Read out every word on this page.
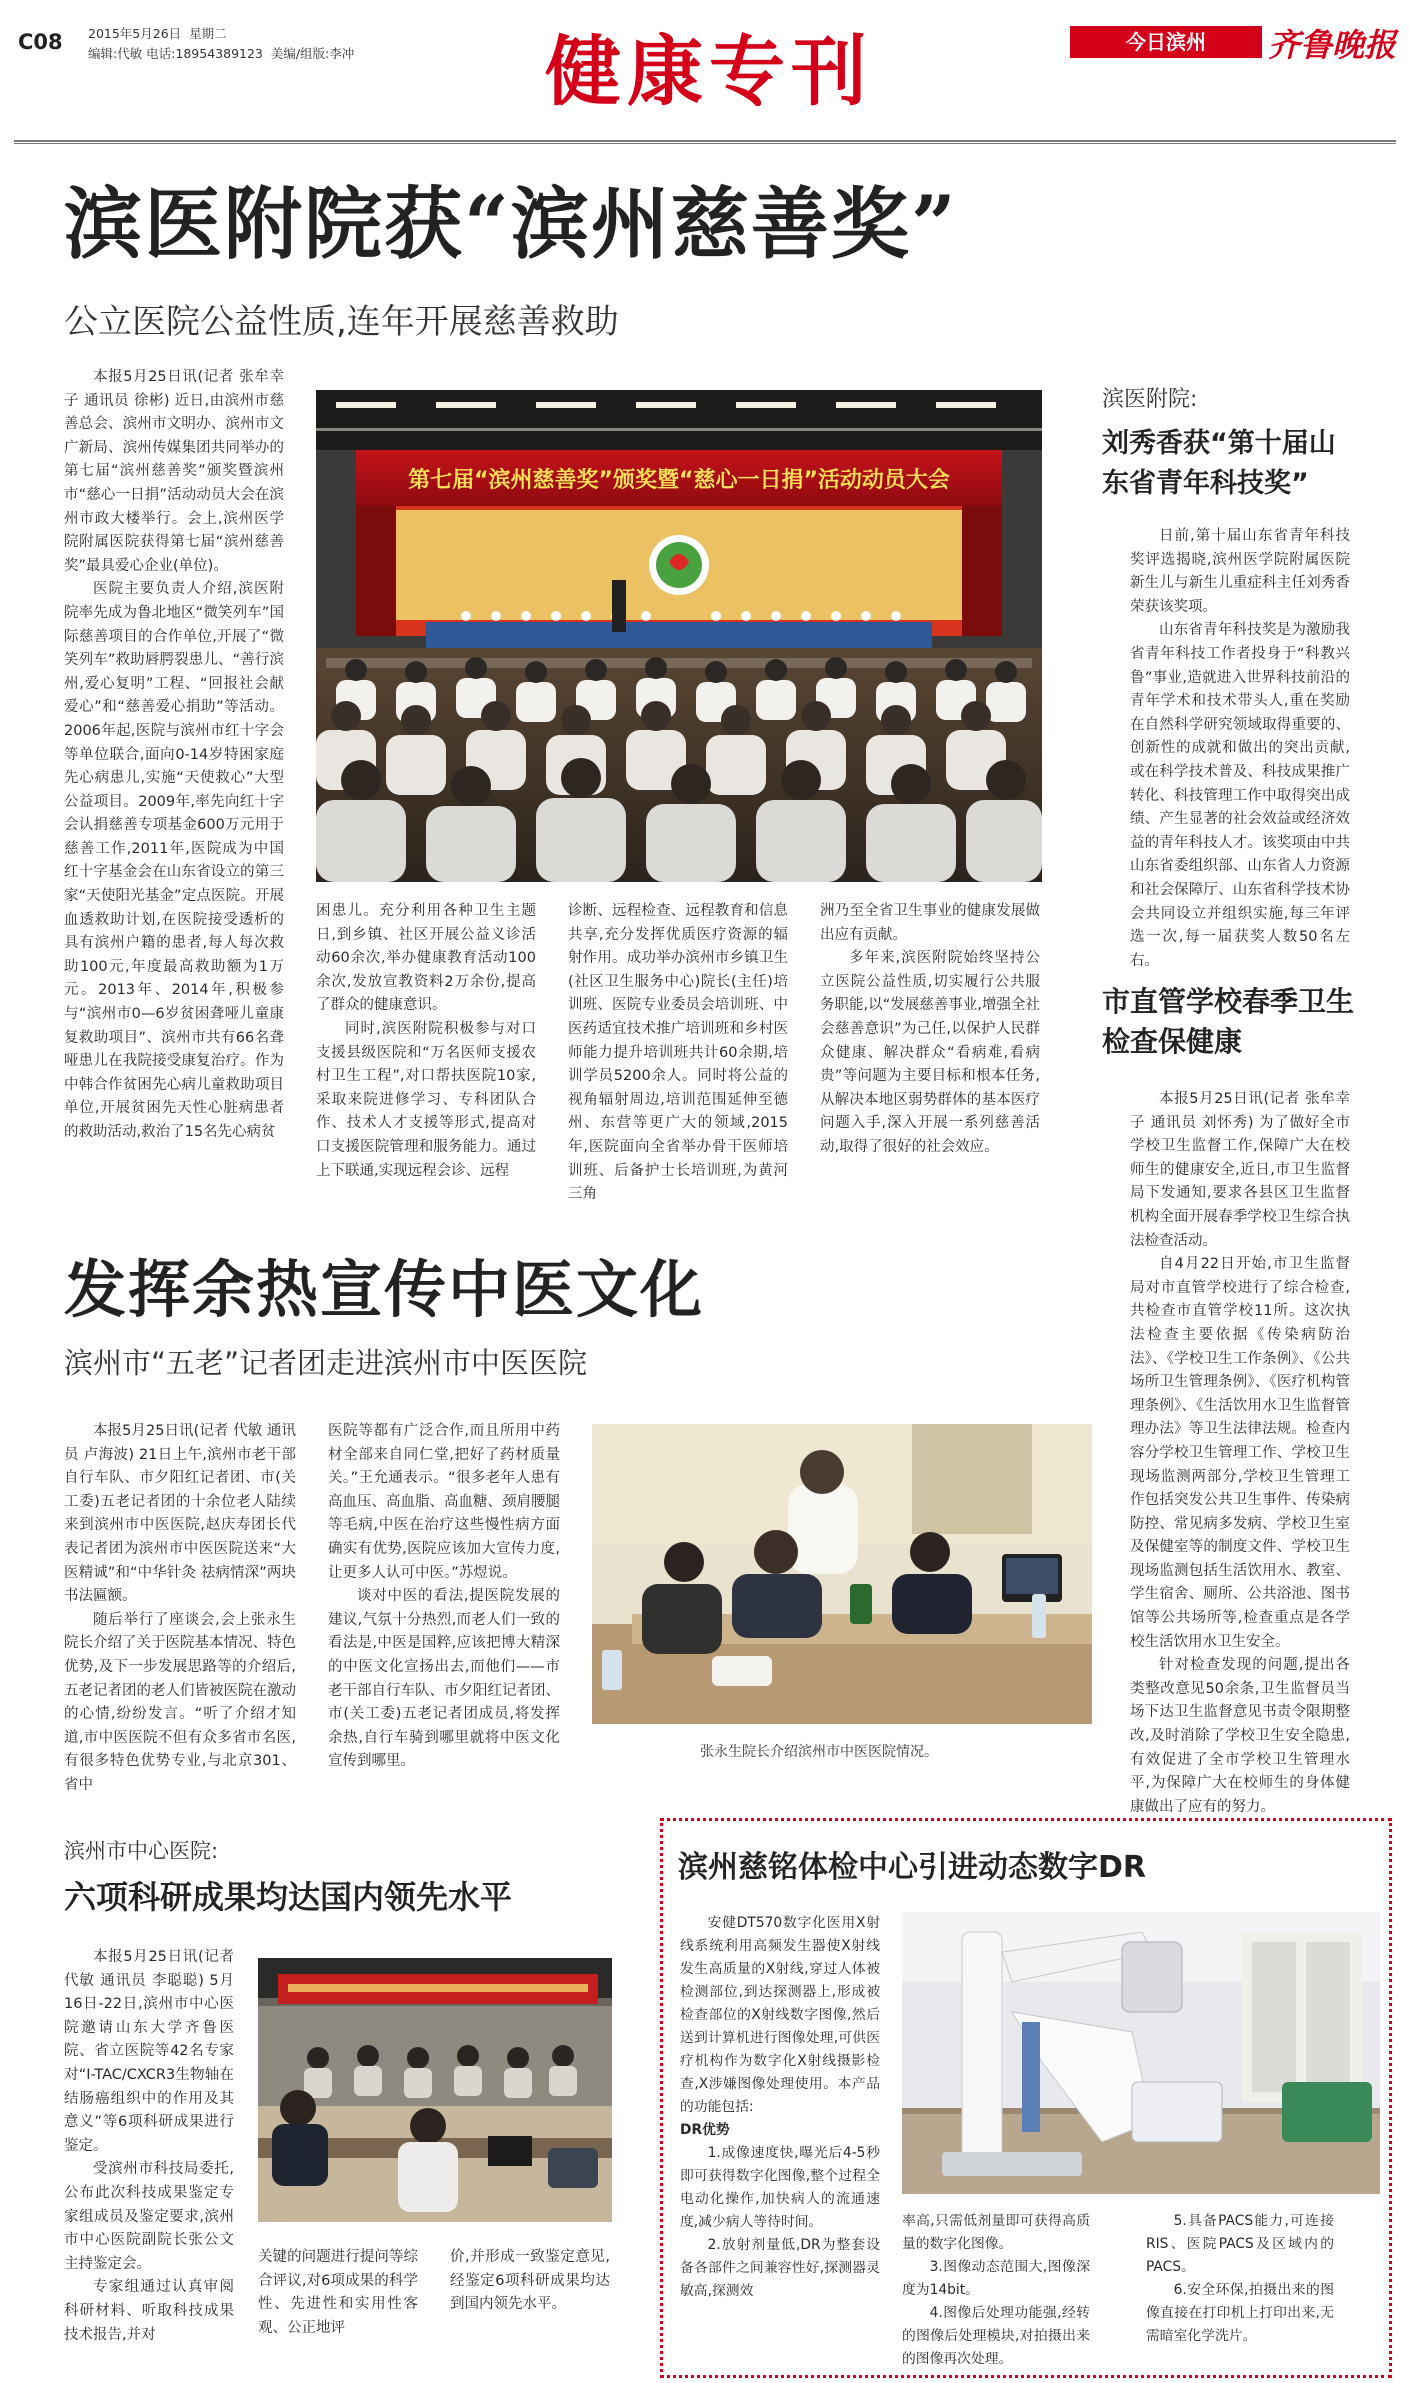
C08 2015年5月26日 星期二
编辑:代敏 电话:18954389123 美编/组版:李冲	健康专刊	今日滨州	齐鲁晚报
滨医附院获“滨州慈善奖”
公立医院公益性质,连年开展慈善救助

本报5月25日讯(记者 张牟幸子 通讯员 徐彬) 近日,由滨州市慈善总会、滨州市文明办、滨州市文广新局、滨州传媒集团共同举办的第七届“滨州慈善奖”颁奖暨滨州市“慈心一日捐”活动动员大会在滨州市政大楼举行。会上,滨州医学院附属医院获得第七届“滨州慈善奖”最具爱心企业(单位)。

医院主要负责人介绍,滨医附院率先成为鲁北地区“微笑列车”国际慈善项目的合作单位,开展了“微笑列车”救助唇腭裂患儿、“善行滨州,爱心复明”工程、“回报社会献爱心”和“慈善爱心捐助”等活动。2006年起,医院与滨州市红十字会等单位联合,面向0-14岁特困家庭先心病患儿,实施“天使救心”大型公益项目。2009年,率先向红十字会认捐慈善专项基金600万元用于慈善工作,2011年,医院成为中国红十字基金会在山东省设立的第三家“天使阳光基金”定点医院。开展血透救助计划,在医院接受透析的具有滨州户籍的患者,每人每次救助100元,年度最高救助额为1万元。2013年、2014年,积极参与“滨州市0—6岁贫困聋哑儿童康复救助项目”、滨州市共有66名聋哑患儿在我院接受康复治疗。作为中韩合作贫困先心病儿童救助项目单位,开展贫困先天性心脏病患者的救助活动,救治了15名先心病贫

第七届“滨州慈善奖”颁奖暨“慈心一日捐”活动动员大会

困患儿。充分利用各种卫生主题日,到乡镇、社区开展公益义诊活动60余次,举办健康教育活动100余次,发放宣教资料2万余份,提高了群众的健康意识。

同时,滨医附院积极参与对口支援县级医院和“万名医师支援农村卫生工程”,对口帮扶医院10家,采取来院进修学习、专科团队合作、技术人才支援等形式,提高对口支援医院管理和服务能力。通过上下联通,实现远程会诊、远程

诊断、远程检查、远程教育和信息共享,充分发挥优质医疗资源的辐射作用。成功举办滨州市乡镇卫生(社区卫生服务中心)院长(主任)培训班、医院专业委员会培训班、中医药适宜技术推广培训班和乡村医师能力提升培训班共计60余期,培训学员5200余人。同时将公益的视角辐射周边,培训范围延伸至德州、东营等更广大的领域,2015年,医院面向全省举办骨干医师培训班、后备护士长培训班,为黄河三角

洲乃至全省卫生事业的健康发展做出应有贡献。

多年来,滨医附院始终坚持公立医院公益性质,切实履行公共服务职能,以“发展慈善事业,增强全社会慈善意识”为己任,以保护人民群众健康、解决群众“看病难,看病贵”等问题为主要目标和根本任务,从解决本地区弱势群体的基本医疗问题入手,深入开展一系列慈善活动,取得了很好的社会效应。

滨医附院:
刘秀香获“第十届山东省青年科技奖”

日前,第十届山东省青年科技奖评选揭晓,滨州医学院附属医院新生儿与新生儿重症科主任刘秀香荣获该奖项。

山东省青年科技奖是为激励我省青年科技工作者投身于“科教兴鲁”事业,造就进入世界科技前沿的青年学术和技术带头人,重在奖励在自然科学研究领域取得重要的、创新性的成就和做出的突出贡献,或在科学技术普及、科技成果推广转化、科技管理工作中取得突出成绩、产生显著的社会效益或经济效益的青年科技人才。该奖项由中共山东省委组织部、山东省人力资源和社会保障厅、山东省科学技术协会共同设立并组织实施,每三年评选一次,每一届获奖人数50名左右。

市直管学校春季卫生检查保健康

本报5月25日讯(记者 张牟幸子 通讯员 刘怀秀) 为了做好全市学校卫生监督工作,保障广大在校师生的健康安全,近日,市卫生监督局下发通知,要求各县区卫生监督机构全面开展春季学校卫生综合执法检查活动。

自4月22日开始,市卫生监督局对市直管学校进行了综合检查,共检查市直管学校11所。这次执法检查主要依据《传染病防治法》、《学校卫生工作条例》、《公共场所卫生管理条例》、《医疗机构管理条例》、《生活饮用水卫生监督管理办法》等卫生法律法规。检查内容分学校卫生管理工作、学校卫生现场监测两部分,学校卫生管理工作包括突发公共卫生事件、传染病防控、常见病多发病、学校卫生室及保健室等的制度文件、学校卫生现场监测包括生活饮用水、教室、学生宿舍、厕所、公共浴池、图书馆等公共场所等,检查重点是各学校生活饮用水卫生安全。

针对检查发现的问题,提出各类整改意见50余条,卫生监督员当场下达卫生监督意见书责令限期整改,及时消除了学校卫生安全隐患,有效促进了全市学校卫生管理水平,为保障广大在校师生的身体健康做出了应有的努力。

发挥余热宣传中医文化
滨州市“五老”记者团走进滨州市中医医院

本报5月25日讯(记者 代敏 通讯员 卢海波) 21日上午,滨州市老干部自行车队、市夕阳红记者团、市(关工委)五老记者团的十余位老人陆续来到滨州市中医医院,赵庆寿团长代表记者团为滨州市中医医院送来“大医精诚”和“中华针灸 祛病情深”两块书法匾额。

随后举行了座谈会,会上张永生院长介绍了关于医院基本情况、特色优势,及下一步发展思路等的介绍后,五老记者团的老人们皆被医院在激动的心情,纷纷发言。“听了介绍才知道,市中医医院不但有众多省市名医,有很多特色优势专业,与北京301、省中

医院等都有广泛合作,而且所用中药材全部来自同仁堂,把好了药材质量关。”王允通表示。“很多老年人患有高血压、高血脂、高血糖、颈肩腰腿等毛病,中医在治疗这些慢性病方面确实有优势,医院应该加大宣传力度,让更多人认可中医。”苏煜说。

谈对中医的看法,提医院发展的建议,气氛十分热烈,而老人们一致的看法是,中医是国粹,应该把博大精深的中医文化宣扬出去,而他们——市老干部自行车队、市夕阳红记者团、市(关工委)五老记者团成员,将发挥余热,自行车骑到哪里就将中医文化宣传到哪里。

张永生院长介绍滨州市中医医院情况。
滨州市中心医院:
六项科研成果均达国内领先水平

本报5月25日讯(记者 代敏 通讯员 李聪聪) 5月16日-22日,滨州市中心医院邀请山东大学齐鲁医院、省立医院等42名专家对“I-TAC/CXCR3生物轴在结肠癌组织中的作用及其意义”等6项科研成果进行鉴定。

受滨州市科技局委托,公布此次科技成果鉴定专家组成员及鉴定要求,滨州市中心医院副院长张公文主持鉴定会。

专家组通过认真审阅科研材料、听取科技成果技术报告,并对

关键的问题进行提问等综合评议,对6项成果的科学性、先进性和实用性客观、公正地评

价,并形成一致鉴定意见,经鉴定6项科研成果均达到国内领先水平。

滨州慈铭体检中心引进动态数字DR

安健DT570数字化医用X射线系统利用高频发生器使X射线发生高质量的X射线,穿过人体被检测部位,到达探测器上,形成被检查部位的X射线数字图像,然后送到计算机进行图像处理,可供医疗机构作为数字化X射线摄影检查,X涉嫌图像处理使用。本产品的功能包括:

DR优势

1.成像速度快,曝光后4-5秒即可获得数字化图像,整个过程全电动化操作,加快病人的流通速度,减少病人等待时间。

2.放射剂量低,DR为整套设备各部件之间兼容性好,探测器灵敏高,探测效

率高,只需低剂量即可获得高质量的数字化图像。

3.图像动态范围大,图像深度为14bit。

4.图像后处理功能强,经转的图像后处理模块,对拍摄出来的图像再次处理。

5.具备PACS能力,可连接RIS、医院PACS及区域内的PACS。

6.安全环保,拍摄出来的图像直接在打印机上打印出来,无需暗室化学洗片。
